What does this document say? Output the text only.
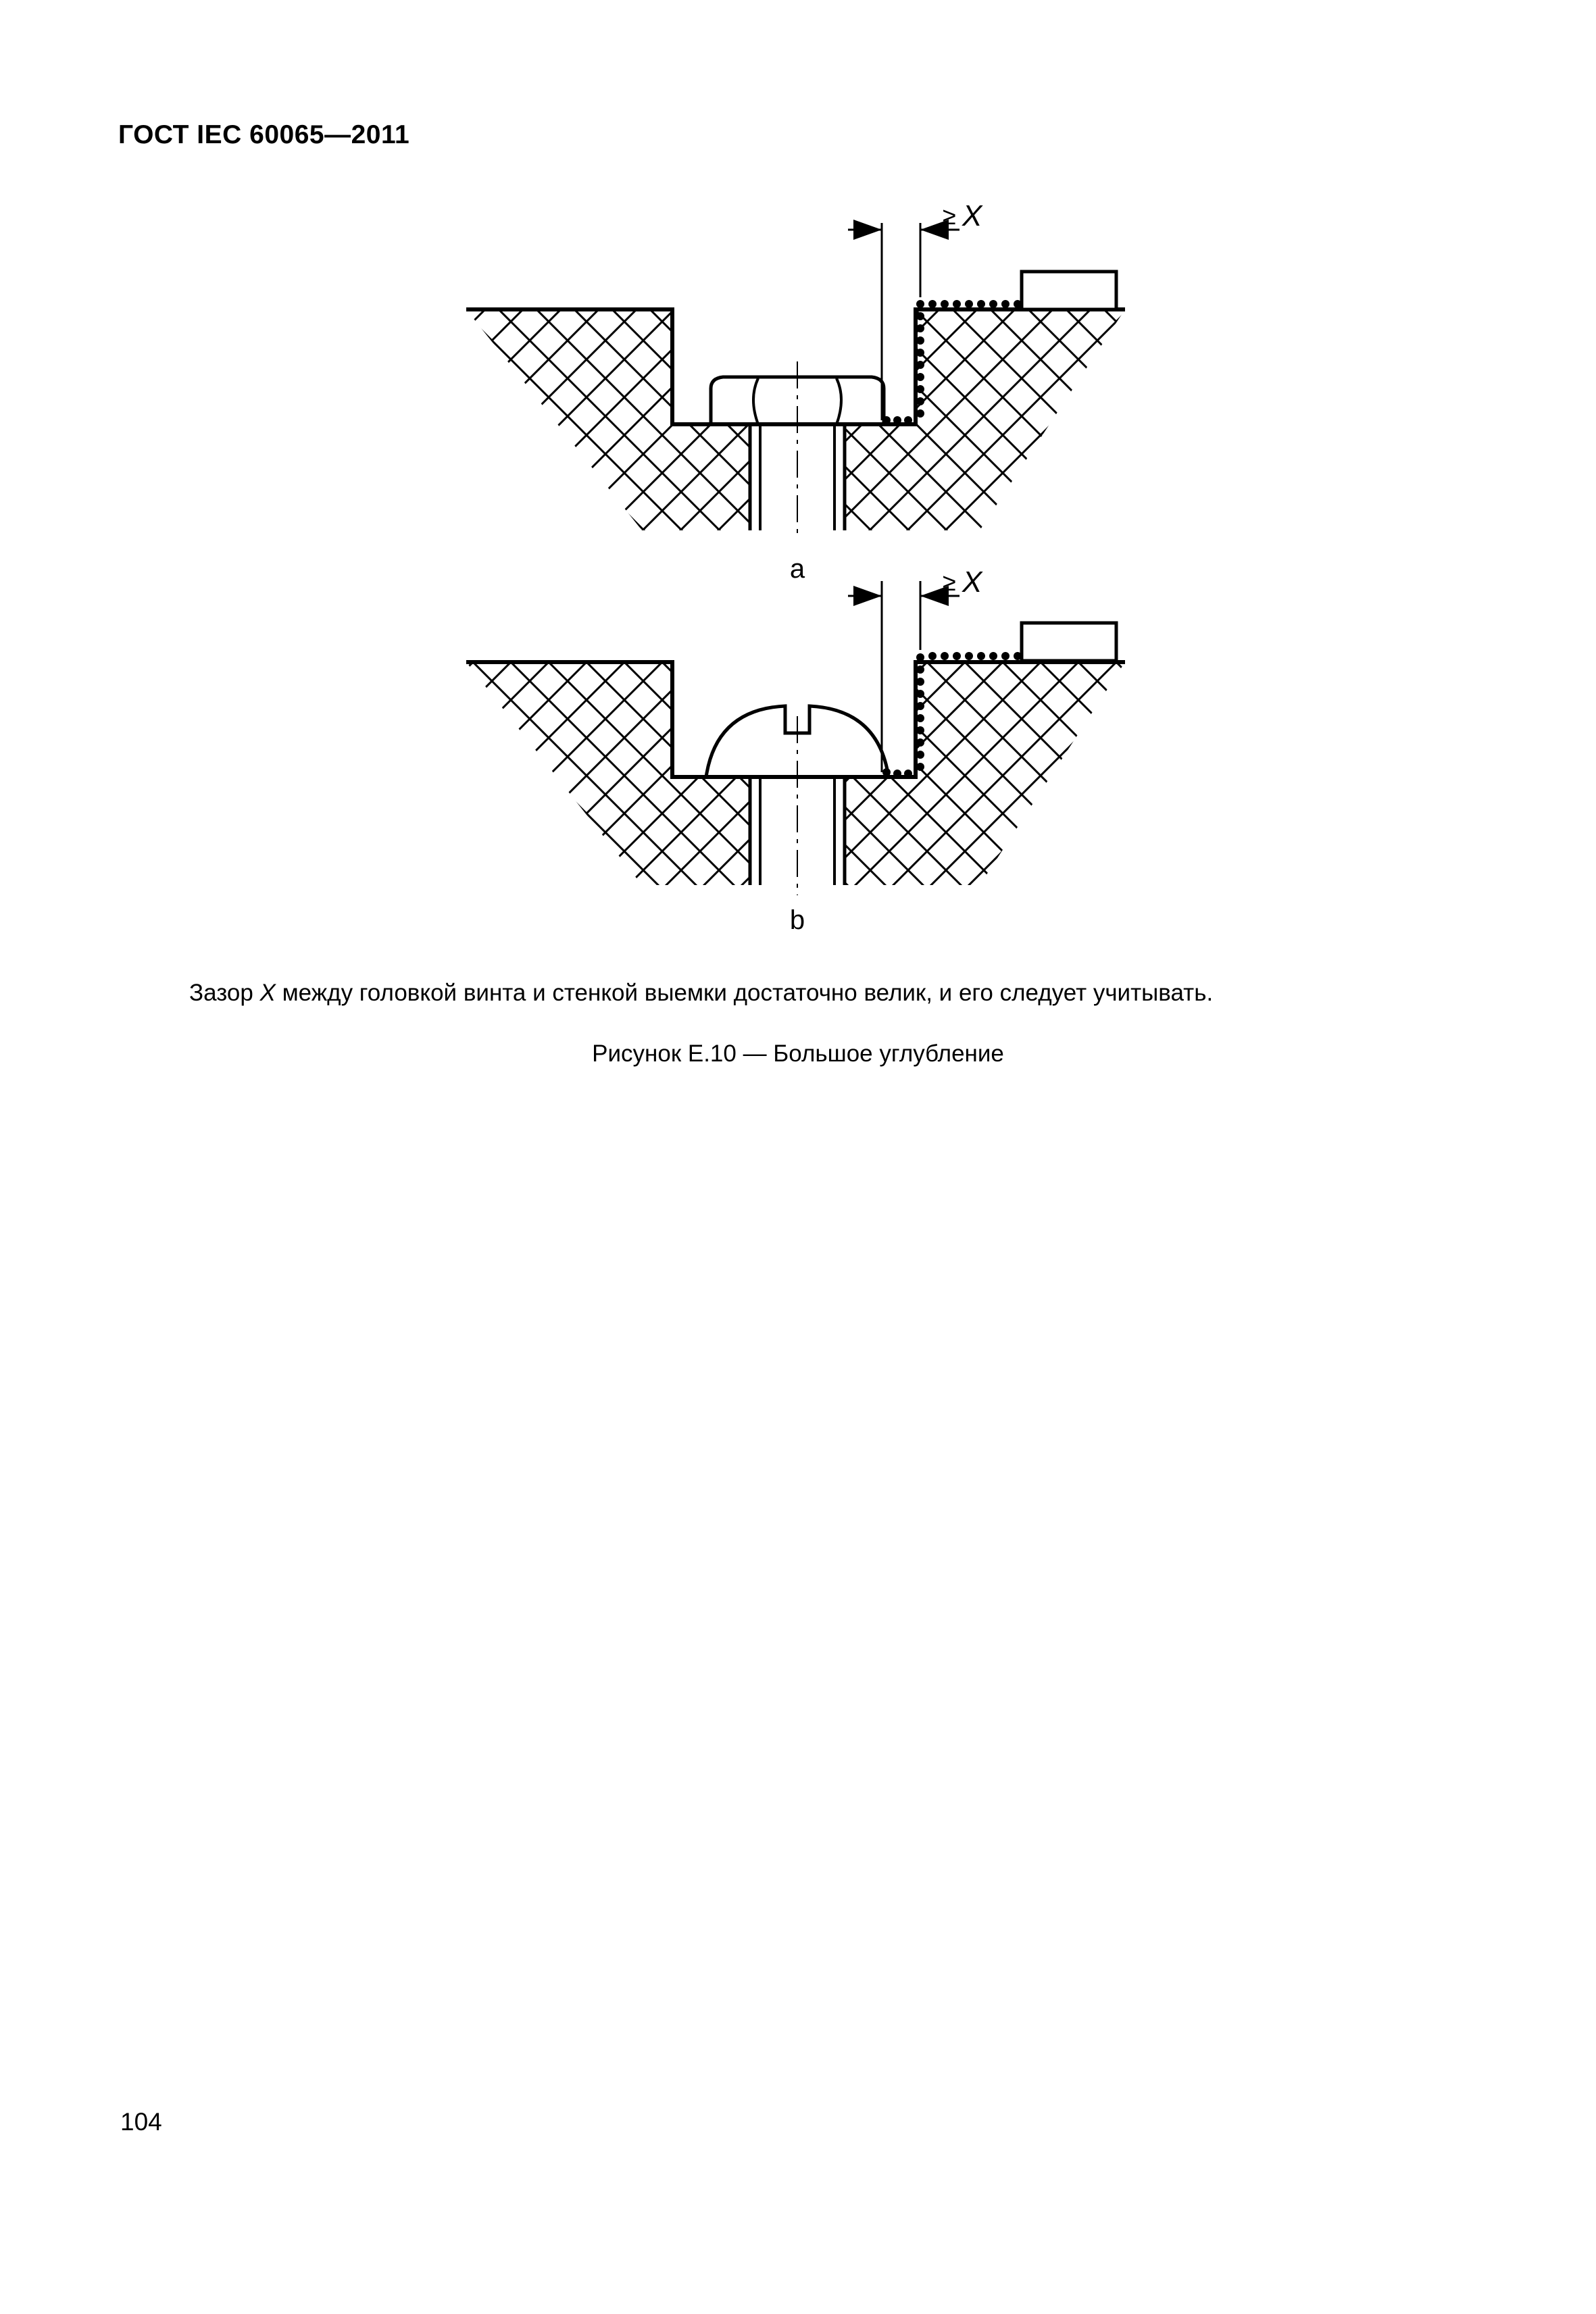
ГОСТ IEC 60065—2011
≥ X
a	≥ X
b
Зазор X между головкой винта и стенкой выемки достаточно велик, и его следует учитывать.
Рисунок Е.10 — Большое углубление
104
